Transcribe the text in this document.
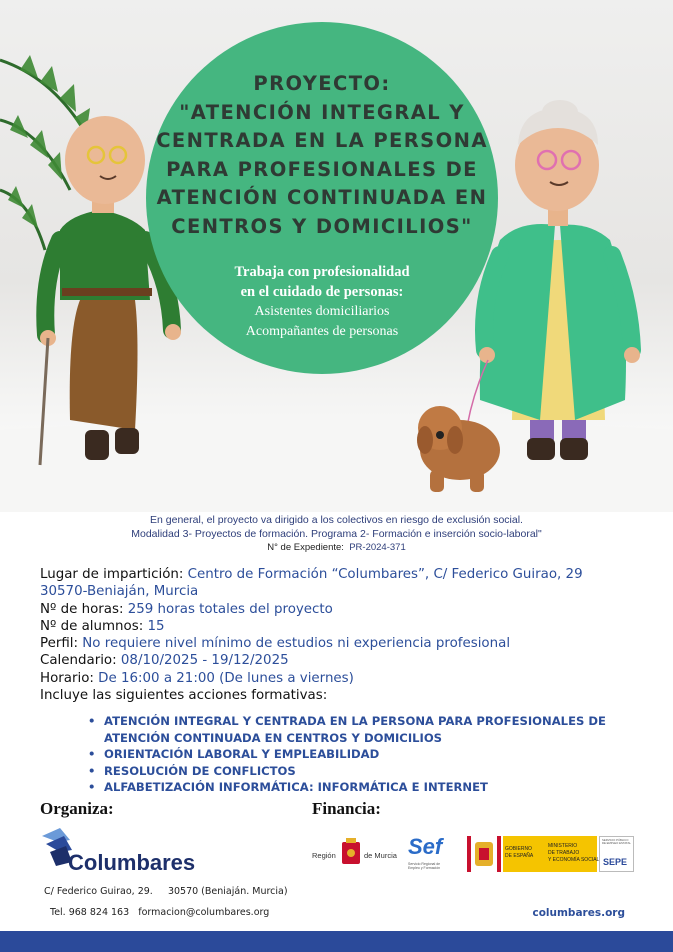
PROYECTO:
"ATENCIÓN INTEGRAL Y
CENTRADA EN LA PERSONA
PARA PROFESIONALES DE
ATENCIÓN CONTINUADA EN
CENTROS Y DOMICILIOS"
Trabaja con profesionalidad
en el cuidado de personas:
Asistentes domiciliarios
Acompañantes de personas
En general, el proyecto va dirigido a los colectivos en riesgo de exclusión social.
Modalidad 3- Proyectos de formación. Programa 2- Formación e inserción socio-laboral"
N° de Expediente: PR-2024-371
Lugar de impartición: Centro de Formación “Columbares”, C/ Federico Guirao, 29
30570-Beniaján, Murcia
Nº de horas: 259 horas totales del proyecto
Nº de alumnos: 15
Perfil: No requiere nivel mínimo de estudios ni experiencia profesional
Calendario: 08/10/2025 - 19/12/2025
Horario: De 16:00 a 21:00 (De lunes a viernes)
Incluye las siguientes acciones formativas:
• ATENCIÓN INTEGRAL Y CENTRADA EN LA PERSONA PARA PROFESIONALES DE ATENCIÓN CONTINUADA EN CENTROS Y DOMICILIOS
• ORIENTACIÓN LABORAL Y EMPLEABILIDAD
• RESOLUCIÓN DE CONFLICTOS
• ALFABETIZACIÓN INFORMÁTICA: INFORMÁTICA E INTERNET
Organiza:	Financia:
Columbares	Región	de Murcia Sef
Servicio Regional de Empleo y Formación
GOBIERNO
DE ESPAÑA
MINISTERIO
DE TRABAJO
Y ECONOMÍA SOCIAL
SERVICIO PÚBLICO DE EMPLEO ESTATAL
SEPE
C/ Federico Guirao, 29. 30570 (Beniaján. Murcia)
Tel. 968 824 163 formacion@columbares.org	columbares.org
